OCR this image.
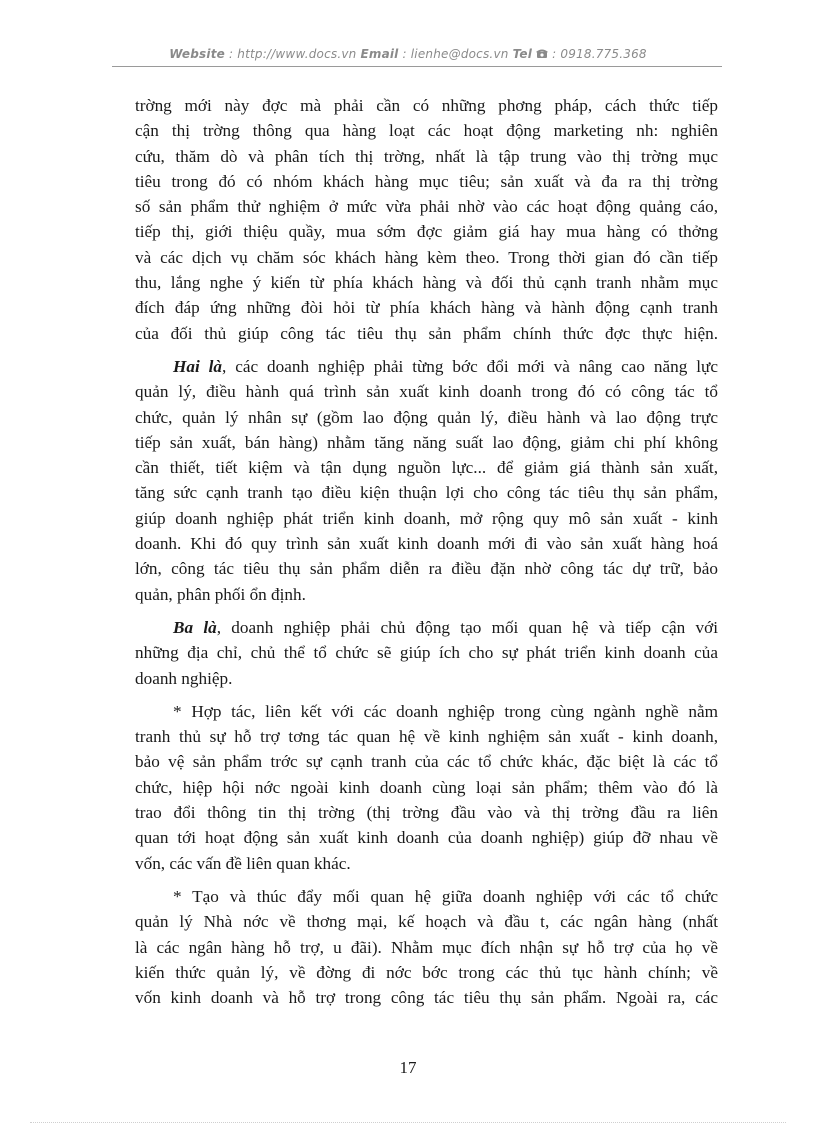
Website : http://www.docs.vn Email : lienhe@docs.vn Tel : 0918.775.368
trờng mới này đợc mà phải cần có những phơng pháp, cách thức tiếp
cận thị trờng thông qua hàng loạt các hoạt động marketing nh: nghiên
cứu, thăm dò và phân tích thị trờng, nhất là tập trung vào thị trờng mục
tiêu trong đó có nhóm khách hàng mục tiêu; sản xuất và đa ra thị trờng
số sản phẩm thử nghiệm ở mức vừa phải nhờ vào các hoạt động quảng cáo,
tiếp thị, giới thiệu quầy, mua sớm đợc giảm giá hay mua hàng có thởng
và các dịch vụ chăm sóc khách hàng kèm theo. Trong thời gian đó cần tiếp
thu, lắng nghe ý kiến từ phía khách hàng và đối thủ cạnh tranh nhằm mục
đích đáp ứng những đòi hỏi từ phía khách hàng và hành động cạnh tranh
của đối thủ giúp công tác tiêu thụ sản phẩm chính thức đợc thực hiện.
Hai là, các doanh nghiệp phải từng bớc đổi mới và nâng cao năng lực
quản lý, điều hành quá trình sản xuất kinh doanh trong đó có công tác tổ
chức, quản lý nhân sự (gồm lao động quản lý, điều hành và lao động trực
tiếp sản xuất, bán hàng) nhằm tăng năng suất lao động, giảm chi phí không
cần thiết, tiết kiệm và tận dụng nguồn lực... để giảm giá thành sản xuất,
tăng sức cạnh tranh tạo điều kiện thuận lợi cho công tác tiêu thụ sản phẩm,
giúp doanh nghiệp phát triển kinh doanh, mở rộng quy mô sản xuất - kinh
doanh. Khi đó quy trình sản xuất kinh doanh mới đi vào sản xuất hàng hoá
lớn, công tác tiêu thụ sản phẩm diễn ra điều đặn nhờ công tác dự trữ, bảo
quản, phân phối ổn định.
Ba là, doanh nghiệp phải chủ động tạo mối quan hệ và tiếp cận với
những địa chỉ, chủ thể tổ chức sẽ giúp ích cho sự phát triển kinh doanh của
doanh nghiệp.
* Hợp tác, liên kết với các doanh nghiệp trong cùng ngành nghề nằm
tranh thủ sự hỗ trợ tơng tác quan hệ về kinh nghiệm sản xuất - kinh doanh,
bảo vệ sản phẩm trớc sự cạnh tranh của các tổ chức khác, đặc biệt là các tổ
chức, hiệp hội nớc ngoài kinh doanh cùng loại sản phẩm; thêm vào đó là
trao đổi thông tin thị trờng (thị trờng đầu vào và thị trờng đầu ra liên
quan tới hoạt động sản xuất kinh doanh của doanh nghiệp) giúp đỡ nhau về
vốn, các vấn đề liên quan khác.
* Tạo và thúc đẩy mối quan hệ giữa doanh nghiệp với các tổ chức
quản lý Nhà nớc về thơng mại, kế hoạch và đầu t, các ngân hàng (nhất
là các ngân hàng hỗ trợ, u đãi). Nhằm mục đích nhận sự hỗ trợ của họ về
kiến thức quản lý, về đờng đi nớc bớc trong các thủ tục hành chính; về
vốn kinh doanh và hỗ trợ trong công tác tiêu thụ sản phẩm. Ngoài ra, các
17
